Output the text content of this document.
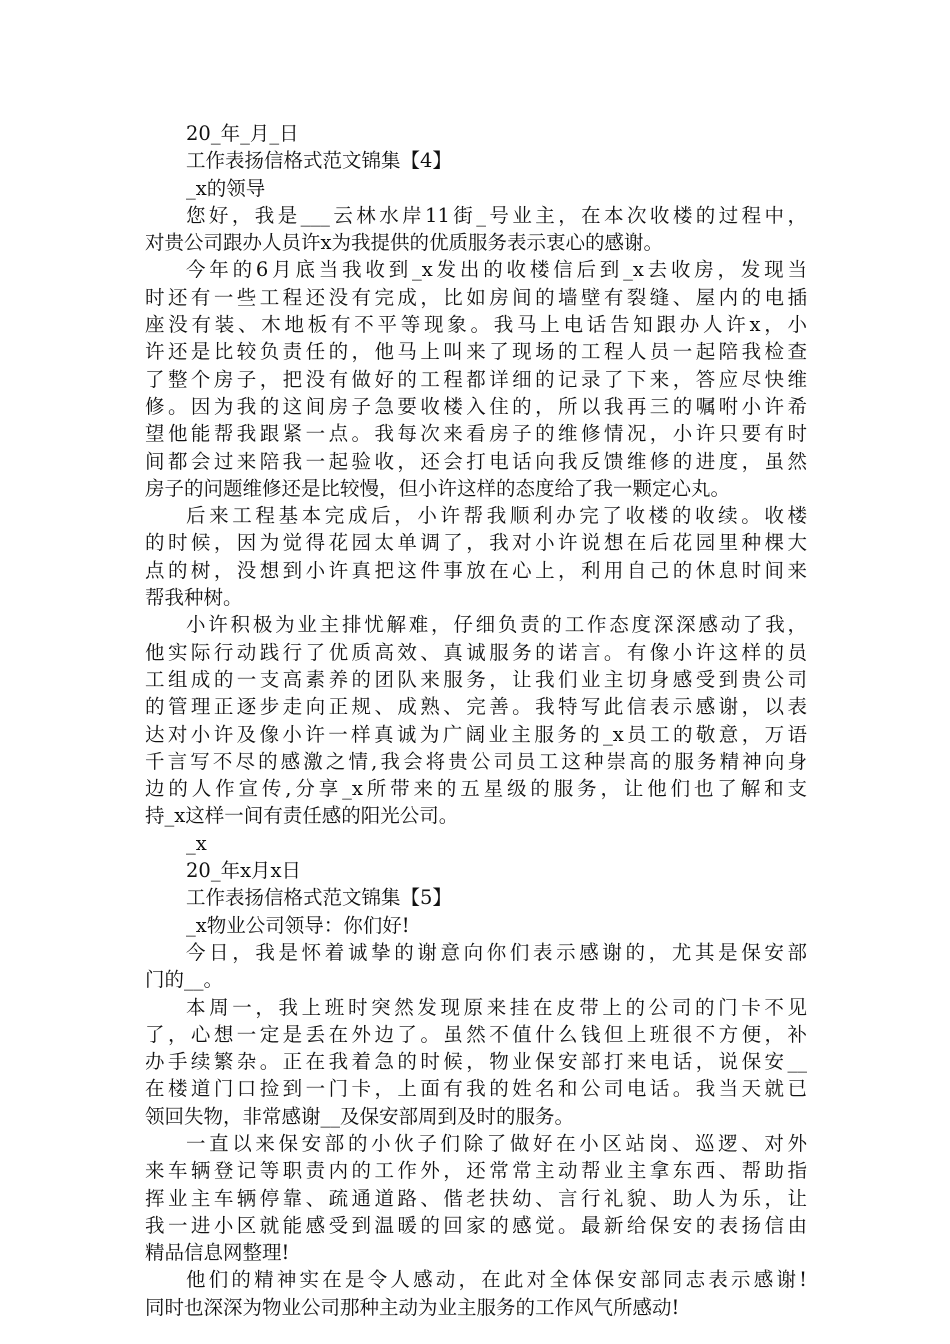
20_年_月_日

工作表扬信格式范文锦集【4】

_x的领导

您好，我是___云林水岸11街_号业主，在本次收楼的过程中，

对贵公司跟办人员许x为我提供的优质服务表示衷心的感谢。

今年的6月底当我收到_x发出的收楼信后到_x去收房，发现当

时还有一些工程还没有完成，比如房间的墙壁有裂缝、屋内的电插

座没有装、木地板有不平等现象。我马上电话告知跟办人许x，小

许还是比较负责任的，他马上叫来了现场的工程人员一起陪我检查

了整个房子，把没有做好的工程都详细的记录了下来，答应尽快维

修。因为我的这间房子急要收楼入住的，所以我再三的嘱咐小许希

望他能帮我跟紧一点。我每次来看房子的维修情况，小许只要有时

间都会过来陪我一起验收，还会打电话向我反馈维修的进度，虽然

房子的问题维修还是比较慢，但小许这样的态度给了我一颗定心丸。

后来工程基本完成后，小许帮我顺利办完了收楼的收续。收楼

的时候，因为觉得花园太单调了，我对小许说想在后花园里种棵大

点的树，没想到小许真把这件事放在心上，利用自己的休息时间来

帮我种树。

小许积极为业主排忧解难，仔细负责的工作态度深深感动了我，

他实际行动践行了优质高效、真诚服务的诺言。有像小许这样的员

工组成的一支高素养的团队来服务，让我们业主切身感受到贵公司

的管理正逐步走向正规、成熟、完善。我特写此信表示感谢，以表

达对小许及像小许一样真诚为广阔业主服务的_x员工的敬意，万语

千言写不尽的感激之情,我会将贵公司员工这种崇高的服务精神向身

边的人作宣传,分享_x所带来的五星级的服务，让他们也了解和支

持_x这样一间有责任感的阳光公司。

_x

20_年x月x日

工作表扬信格式范文锦集【5】

_x物业公司领导：你们好!

今日，我是怀着诚挚的谢意向你们表示感谢的，尤其是保安部

门的__。

本周一，我上班时突然发现原来挂在皮带上的公司的门卡不见

了，心想一定是丢在外边了。虽然不值什么钱但上班很不方便，补

办手续繁杂。正在我着急的时候，物业保安部打来电话，说保安__

在楼道门口捡到一门卡，上面有我的姓名和公司电话。我当天就已

领回失物，非常感谢__及保安部周到及时的服务。

一直以来保安部的小伙子们除了做好在小区站岗、巡逻、对外

来车辆登记等职责内的工作外，还常常主动帮业主拿东西、帮助指

挥业主车辆停靠、疏通道路、偕老扶幼、言行礼貌、助人为乐，让

我一进小区就能感受到温暖的回家的感觉。最新给保安的表扬信由

精品信息网整理!

他们的精神实在是令人感动，在此对全体保安部同志表示感谢!

同时也深深为物业公司那种主动为业主服务的工作风气所感动!
